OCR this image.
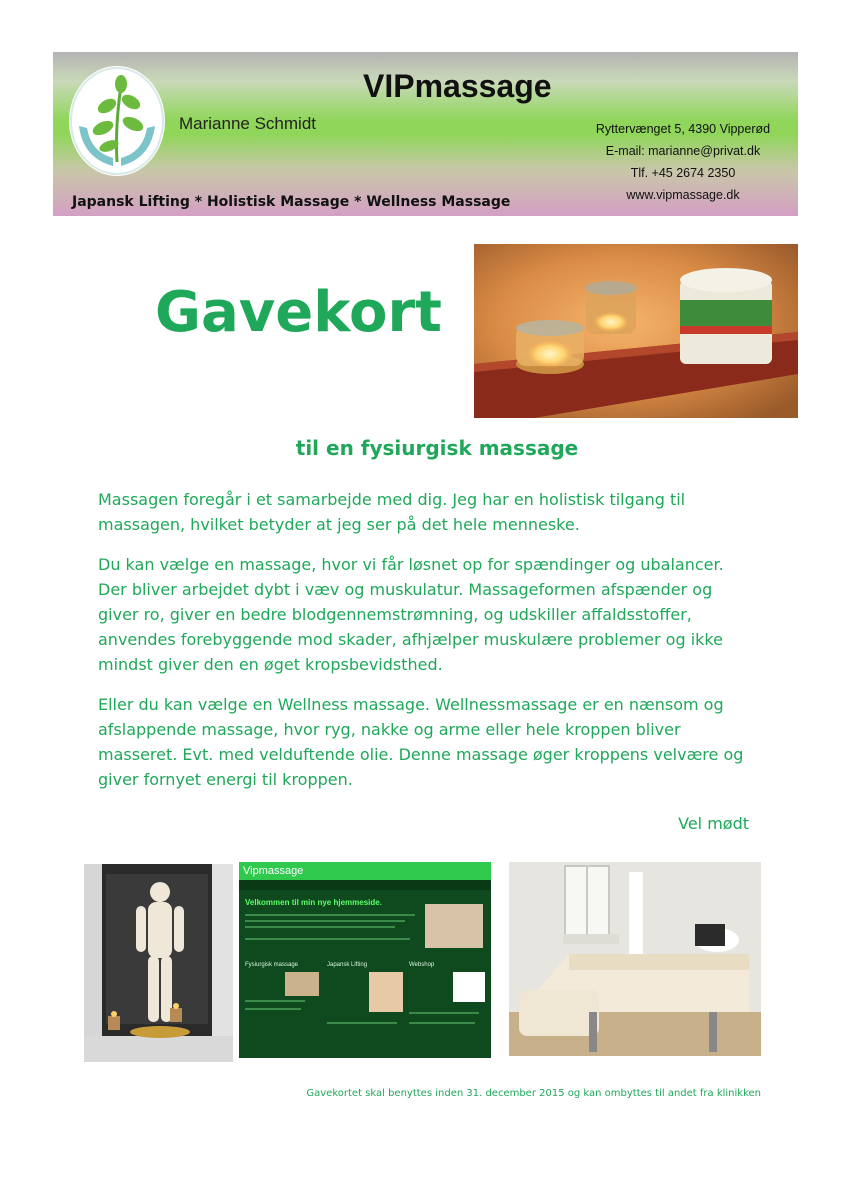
VIPmassage
Marianne Schmidt	Ryttervænget 5, 4390 Vipperød
E-mail: marianne@privat.dk
Tlf. +45 2674 2350
www.vipmassage.dk
Japansk Lifting * Holistisk Massage * Wellness Massage
Gavekort
til en fysiurgisk massage

Massagen foregår i et samarbejde med dig. Jeg har en holistisk tilgang til massagen, hvilket betyder at jeg ser på det hele menneske.

Du kan vælge en massage, hvor vi får løsnet op for spændinger og ubalancer. Der bliver arbejdet dybt i væv og muskulatur. Massageformen afspænder og giver ro, giver en bedre blodgennemstrømning, og udskiller affaldsstoffer, anvendes forebyggende mod skader, afhjælper muskulære problemer og ikke mindst giver den en øget kropsbevidsthed.

Eller du kan vælge en Wellness massage. Wellnessmassage er en nænsom og afslappende massage, hvor ryg, nakke og arme eller hele kroppen bliver masseret. Evt. med velduftende olie. Denne massage øger kroppens velvære og giver fornyet energi til kroppen.

Vel mødt
Vipmassage
Velkommen til min nye hjemmeside.
Fysiurgisk massage	Japansk Lifting	Webshop
Gavekortet skal benyttes inden 31. december 2015 og kan ombyttes til andet fra klinikken
